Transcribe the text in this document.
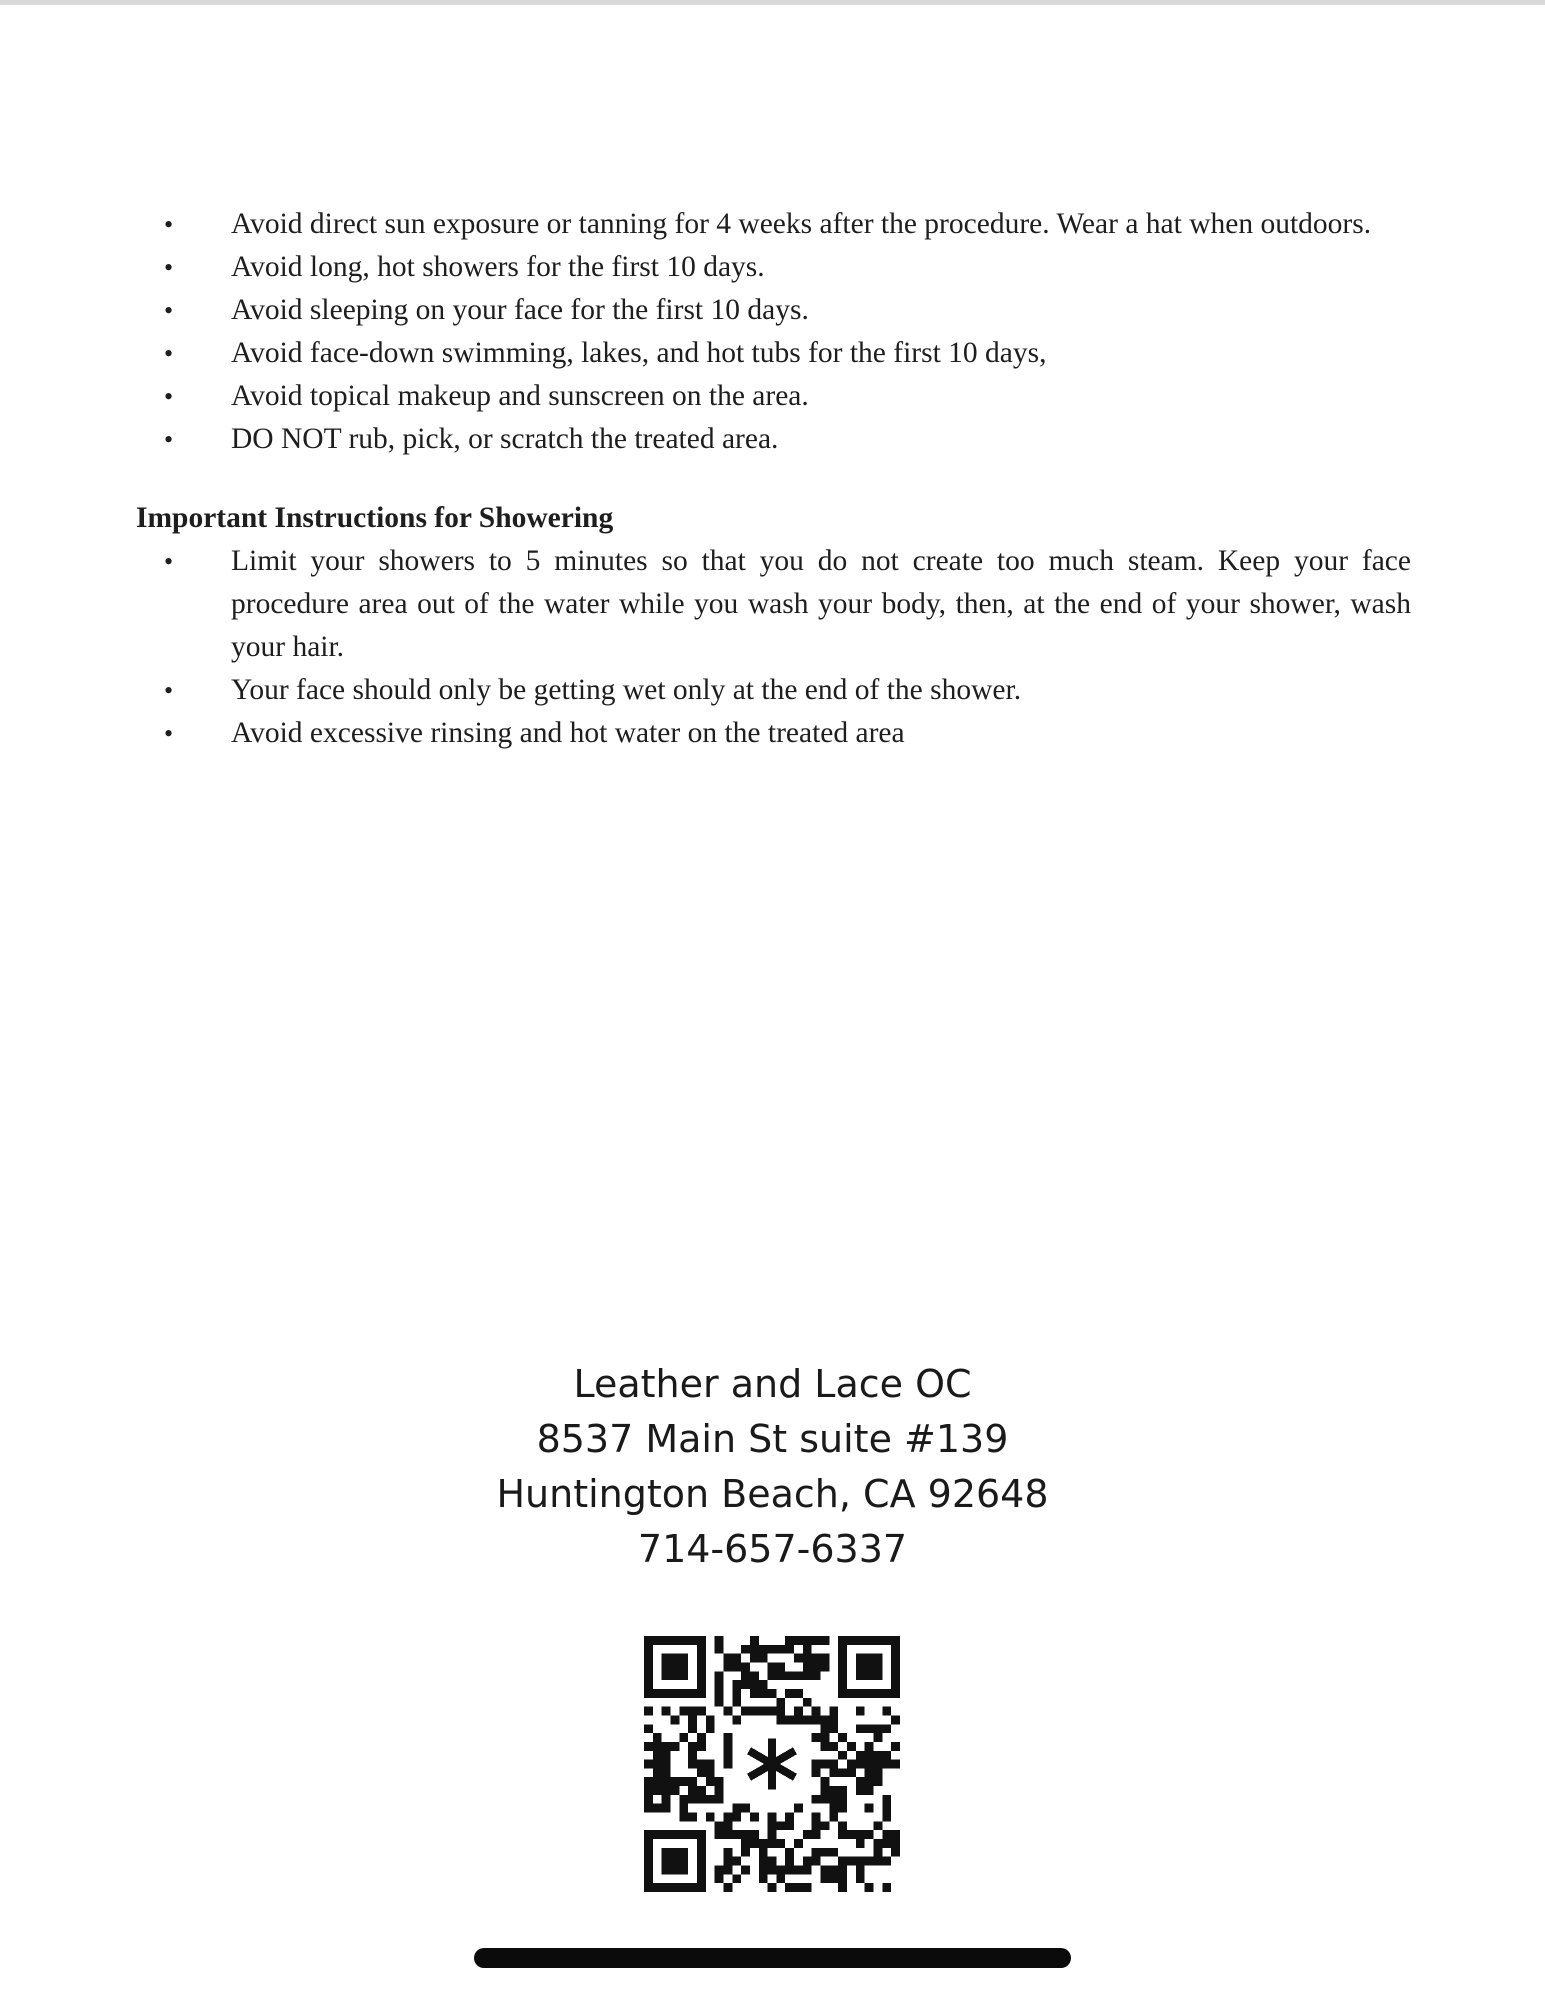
• Avoid direct sun exposure or tanning for 4 weeks after the procedure. Wear a hat when outdoors.
• Avoid long, hot showers for the first 10 days.
• Avoid sleeping on your face for the first 10 days.
• Avoid face-down swimming, lakes, and hot tubs for the first 10 days,
• Avoid topical makeup and sunscreen on the area.
• DO NOT rub, pick, or scratch the treated area.
Important Instructions for Showering
• Limit your showers to 5 minutes so that you do not create too much steam. Keep your face procedure area out of the water while you wash your body, then, at the end of your shower, wash your hair.
• Your face should only be getting wet only at the end of the shower.
• Avoid excessive rinsing and hot water on the treated area
Leather and Lace OC
8537 Main St suite #139
Huntington Beach, CA 92648
714-657-6337
